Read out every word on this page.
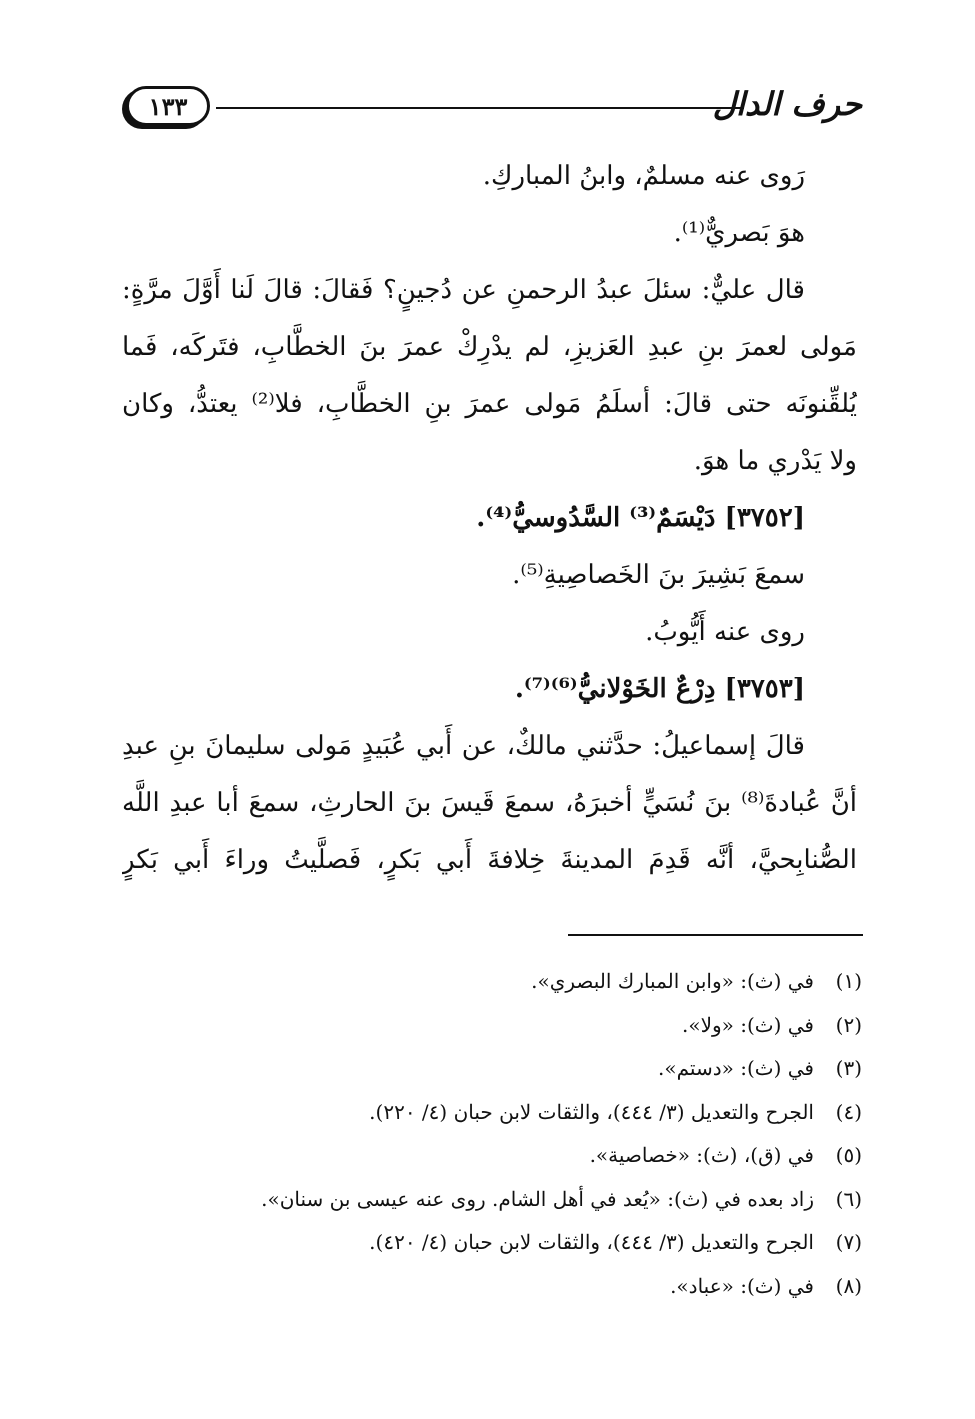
١٣٣	حرف الدال

رَوى عنه مسلمٌ، وابنُ المباركِ.

هوَ بَصريٌّ⁽¹⁾.

قال عليٌّ: سئلَ عبدُ الرحمنِ عن دُجينٍ؟ فَقالَ: قالَ لَنا أَوَّلَ مرَّةٍ:

مَولى لعمرَ بنِ عبدِ العَزيزِ، لم يدْرِكْ عمرَ بنَ الخطَّابِ، فتَركَه، فَما

يُلقِّنونَه حتى قالَ: أسلَمُ مَولى عمرَ بنِ الخطَّابِ، فلا⁽²⁾ يعتدُّ، وكان

ولا يَدْري ما هوَ.

[٣٧٥٢] دَيْسَمٌ⁽³⁾ السَّدُوسيُّ⁽⁴⁾.

سمعَ بَشِيرَ بنَ الخَصاصِيةِ⁽⁵⁾.

روى عنه أَيُّوبُ.

[٣٧٥٣] دِرْعٌ الخَوْلانيُّ⁽⁶⁾⁽⁷⁾.

قالَ إسماعيلُ: حدَّثني مالكٌ، عن أَبي عُبَيدٍ مَولى سليمانَ بنِ عبدِ

أنَّ عُبادةَ⁽⁸⁾ بنَ نُسَيٍّ أخبرَهُ، سمعَ قَيسَ بنَ الحارثِ، سمعَ أبا عبدِ اللَّه

الصُّنابِحيَّ، أنَّه قَدِمَ المدينةَ خِلافةَ أَبي بَكرٍ، فَصلَّيتُ وراءَ أَبي بَكرٍ

(١)
في (ث): «وابن المبارك البصري».
(٢)
في (ث): «ولا».
(٣)
في (ث): «دستم».
(٤)
الجرح والتعديل (٣/ ٤٤٤)، والثقات لابن حبان (٤/ ٢٢٠).
(٥)
في (ق)، (ث): «خصاصية».
(٦)
زاد بعده في (ث): «يُعد في أهل الشام. روى عنه عيسى بن سنان».
(٧)
الجرح والتعديل (٣/ ٤٤٤)، والثقات لابن حبان (٤/ ٤٢٠).
(٨)
في (ث): «عباد».
